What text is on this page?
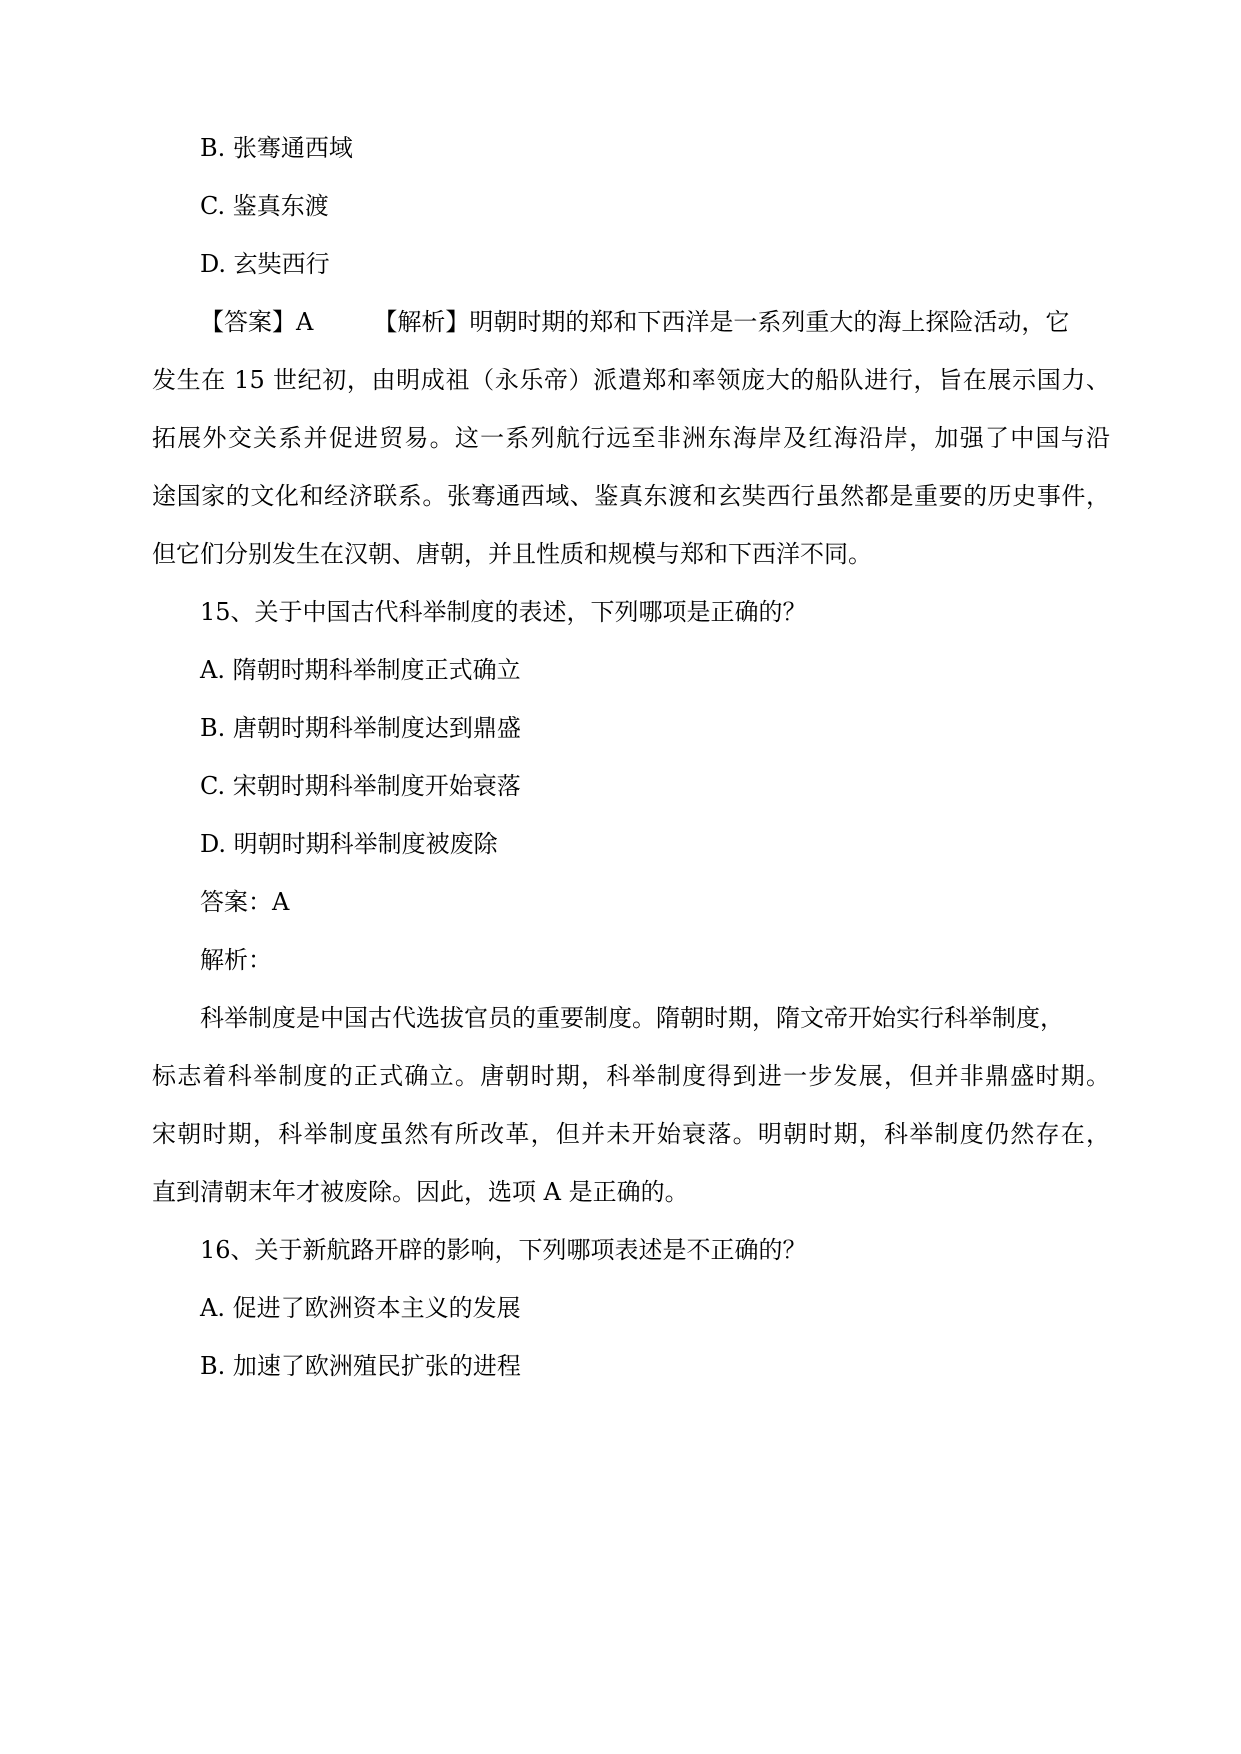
B. 张骞通西域
C. 鉴真东渡
D. 玄奘西行
【答案】A	【解析】明朝时期的郑和下西洋是一系列重大的海上探险活动，它
发生在 15 世纪初，由明成祖（永乐帝）派遣郑和率领庞大的船队进行，旨在展示国力、
拓展外交关系并促进贸易。这一系列航行远至非洲东海岸及红海沿岸，加强了中国与沿
途国家的文化和经济联系。张骞通西域、鉴真东渡和玄奘西行虽然都是重要的历史事件，
但它们分别发生在汉朝、唐朝，并且性质和规模与郑和下西洋不同。
15、关于中国古代科举制度的表述，下列哪项是正确的？
A. 隋朝时期科举制度正式确立
B. 唐朝时期科举制度达到鼎盛
C. 宋朝时期科举制度开始衰落
D. 明朝时期科举制度被废除
答案：A
解析：
科举制度是中国古代选拔官员的重要制度。隋朝时期，隋文帝开始实行科举制度，
标志着科举制度的正式确立。唐朝时期，科举制度得到进一步发展，但并非鼎盛时期。
宋朝时期，科举制度虽然有所改革，但并未开始衰落。明朝时期，科举制度仍然存在，
直到清朝末年才被废除。因此，选项 A 是正确的。
16、关于新航路开辟的影响，下列哪项表述是不正确的？
A. 促进了欧洲资本主义的发展
B. 加速了欧洲殖民扩张的进程
